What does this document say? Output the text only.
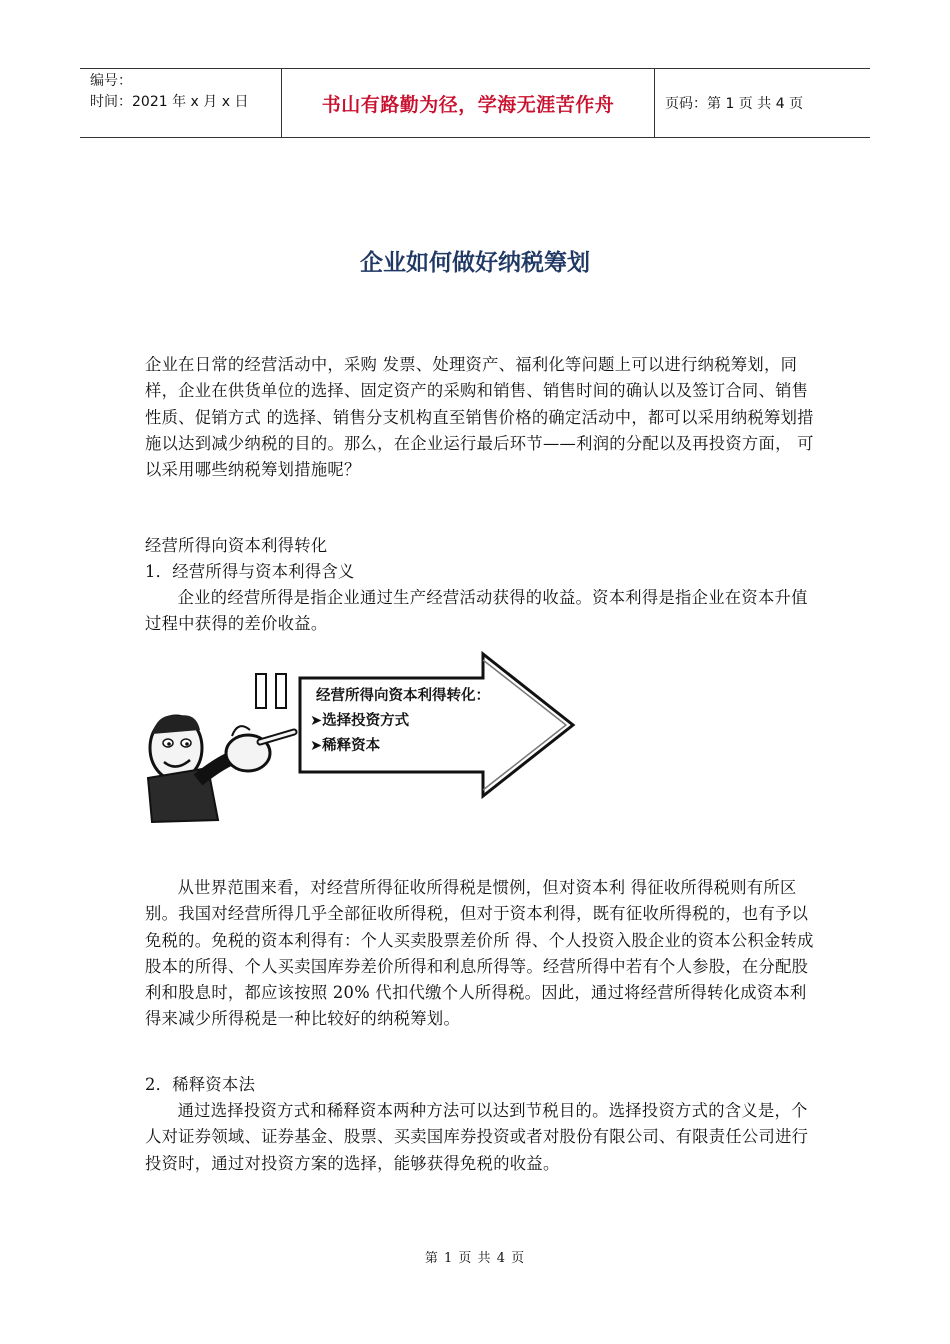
编号：
时间：2021 年 x 月 x 日	书山有路勤为径，学海无涯苦作舟	页码：第 1 页 共 4 页
企业如何做好纳税筹划

企业在日常的经营活动中，采购 发票、处理资产、福利化等问题上可以进行纳税筹划，同样，企业在供货单位的选择、固定资产的采购和销售、销售时间的确认以及签订合同、销售性质、促销方式 的选择、销售分支机构直至销售价格的确定活动中，都可以采用纳税筹划措施以达到减少纳税的目的。那么，在企业运行最后环节——利润的分配以及再投资方面， 可以采用哪些纳税筹划措施呢？

经营所得向资本利得转化

1．经营所得与资本利得含义

企业的经营所得是指企业通过生产经营活动获得的收益。资本利得是指企业在资本升值过程中获得的差价收益。

经营所得向资本利得转化：
➤选择投资方式
➤稀释资本

从世界范围来看，对经营所得征收所得税是惯例，但对资本利 得征收所得税则有所区别。我国对经营所得几乎全部征收所得税，但对于资本利得，既有征收所得税的，也有予以免税的。免税的资本利得有：个人买卖股票差价所 得、个人投资入股企业的资本公积金转成股本的所得、个人买卖国库券差价所得和利息所得等。经营所得中若有个人参股，在分配股利和股息时，都应该按照 20% 代扣代缴个人所得税。因此，通过将经营所得转化成资本利得来减少所得税是一种比较好的纳税筹划。

2．稀释资本法

通过选择投资方式和稀释资本两种方法可以达到节税目的。选择投资方式的含义是，个人对证券领域、证券基金、股票、买卖国库券投资或者对股份有限公司、有限责任公司进行投资时，通过对投资方案的选择，能够获得免税的收益。

第 1 页 共 4 页
